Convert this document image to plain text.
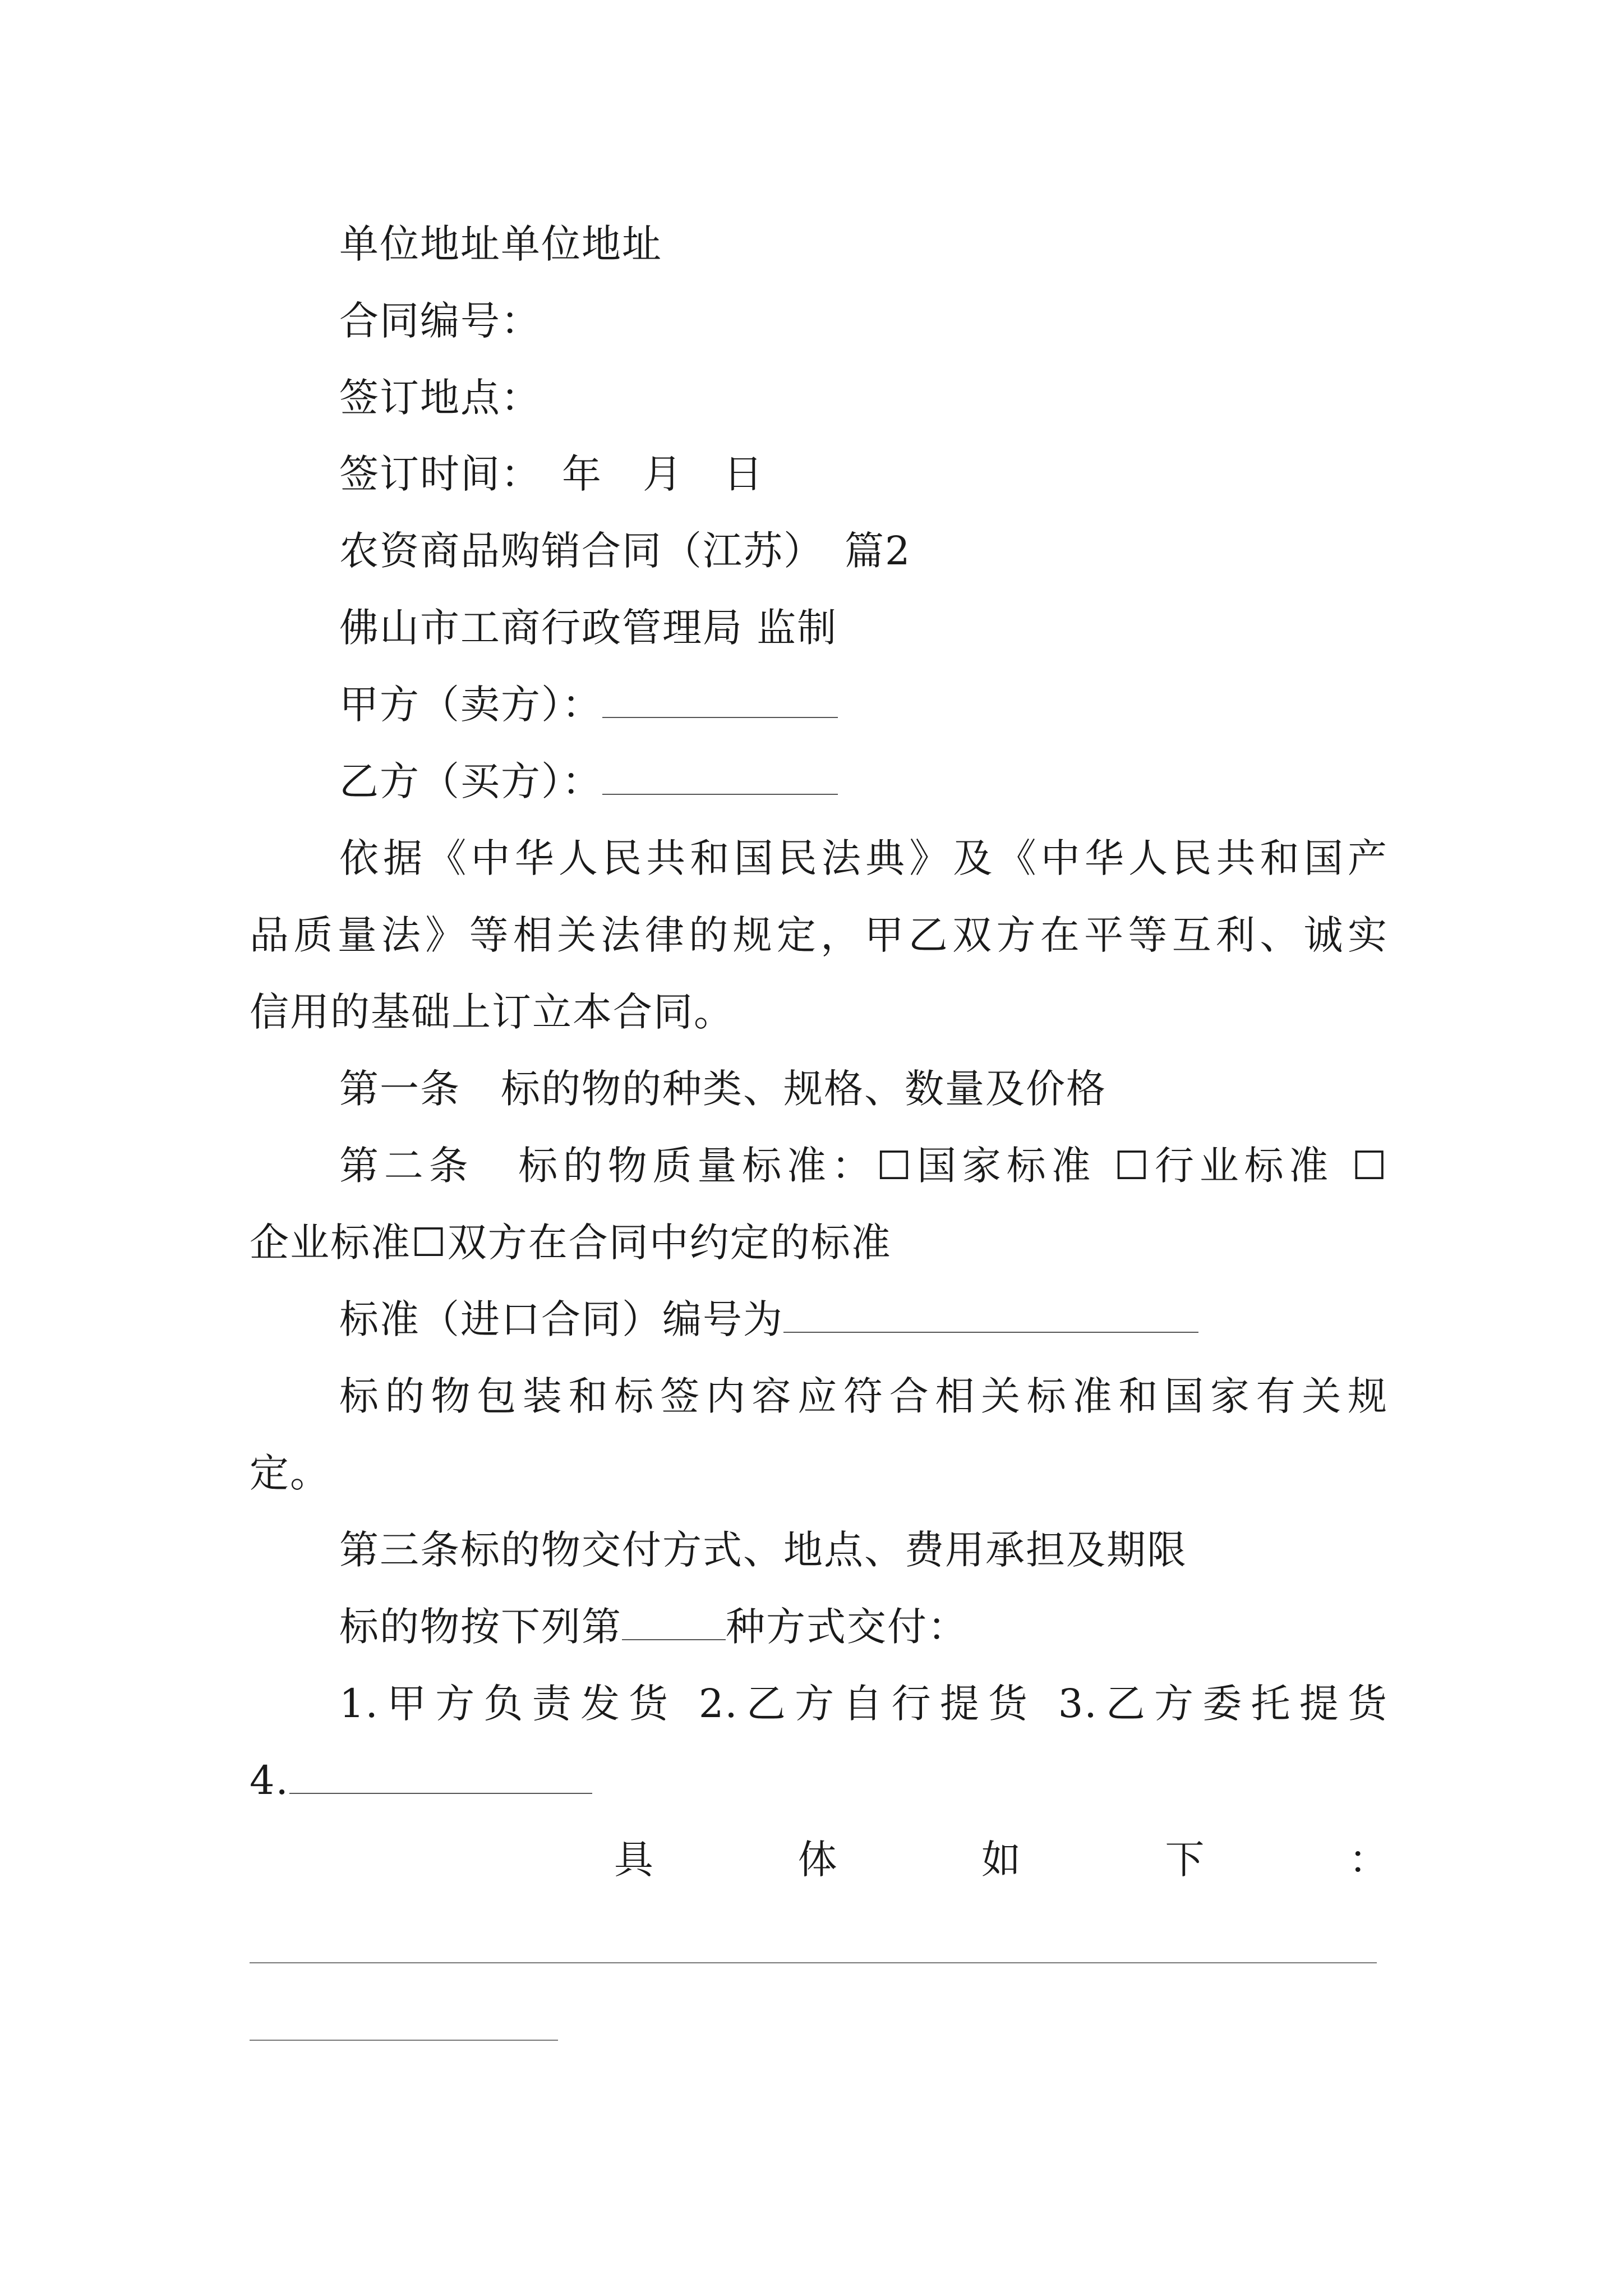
单位地址单位地址
合同编号：
签订地点：
签订时间：　年　月　日
农资商品购销合同（江苏）　篇2
佛山市工商行政管理局 监制
甲方（卖方）：
乙方（买方）：
依据《中华人民共和国民法典》及《中华人民共和国产
品质量法》等相关法律的规定，甲乙双方在平等互利、诚实
信用的基础上订立本合同。
第一条　标的物的种类、规格、数量及价格
第二条　标的物质量标准：☐国家标准 ☐行业标准 ☐
企业标准☐双方在合同中约定的标准
标准（进口合同）编号为
标的物包装和标签内容应符合相关标准和国家有关规
定。
第三条标的物交付方式、地点、费用承担及期限
标的物按下列第	种方式交付：
1.甲方负责发货 2.乙方自行提货 3.乙方委托提货
4.
具	体	如	下	：
